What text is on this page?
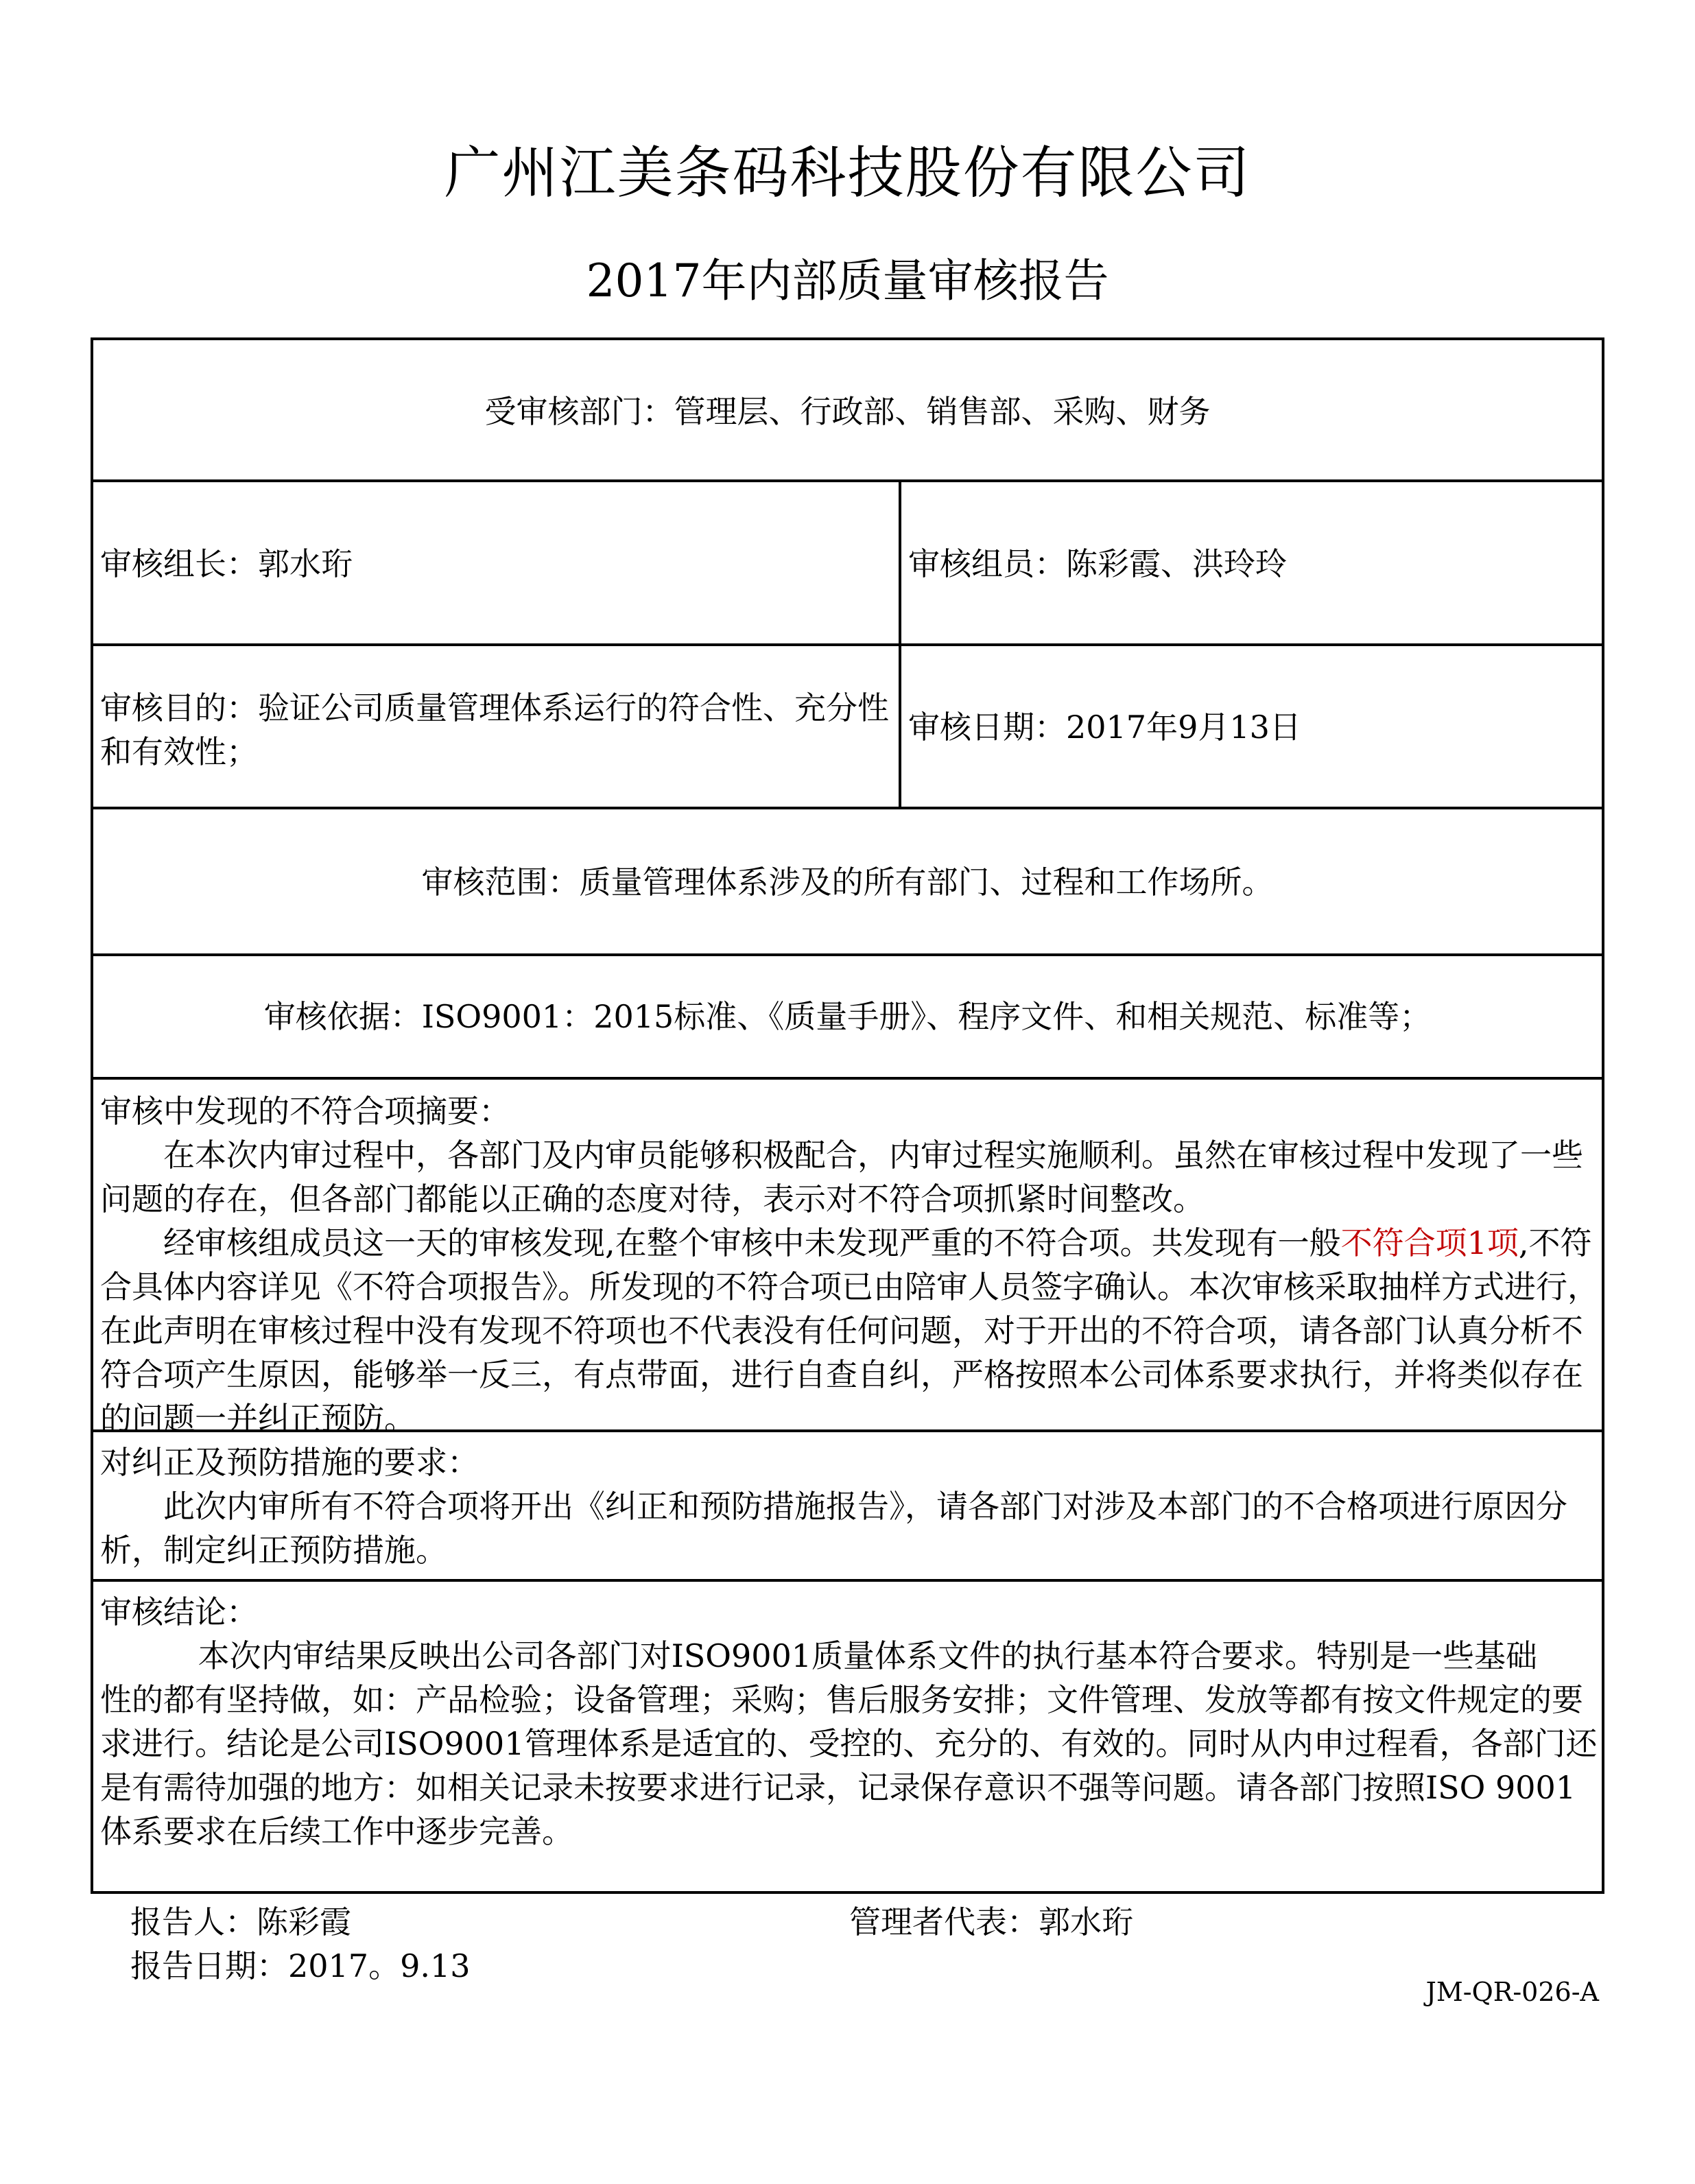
广州江美条码科技股份有限公司
2017年内部质量审核报告
受审核部门：管理层、行政部、销售部、采购、财务
审核组长：郭水珩	审核组员：陈彩霞、洪玲玲
审核目的：验证公司质量管理体系运行的符合性、充分性和有效性；
审核日期：2017年9月13日
审核范围：质量管理体系涉及的所有部门、过程和工作场所。
审核依据：ISO9001：2015标准、《质量手册》、程序文件、和相关规范、标准等；
审核中发现的不符合项摘要：

在本次内审过程中，各部门及内审员能够积极配合，内审过程实施顺利。虽然在审核过程中发现了一些问题的存在，但各部门都能以正确的态度对待，表示对不符合项抓紧时间整改。

经审核组成员这一天的审核发现,在整个审核中未发现严重的不符合项。共发现有一般不符合项1项,不符合具体内容详见《不符合项报告》。所发现的不符合项已由陪审人员签字确认。本次审核采取抽样方式进行，在此声明在审核过程中没有发现不符项也不代表没有任何问题，对于开出的不符合项，请各部门认真分析不符合项产生原因，能够举一反三，有点带面，进行自查自纠，严格按照本公司体系要求执行，并将类似存在的问题一并纠正预防。

对纠正及预防措施的要求：

此次内审所有不符合项将开出《纠正和预防措施报告》，请各部门对涉及本部门的不合格项进行原因分析，制定纠正预防措施。

审核结论：
本次内审结果反映出公司各部门对ISO9001质量体系文件的执行基本符合要求。特别是一些基础
性的都有坚持做，如：产品检验；设备管理；采购；售后服务安排；文件管理、发放等都有按文件规定的要求进行。结论是公司ISO9001管理体系是适宜的、受控的、充分的、有效的。同时从内申过程看，各部门还是有需待加强的地方：如相关记录未按要求进行记录，记录保存意识不强等问题。请各部门按照ISO 9001体系要求在后续工作中逐步完善。
报告人：陈彩霞	管理者代表：郭水珩
报告日期：2017。9.13
JM-QR-026-A
